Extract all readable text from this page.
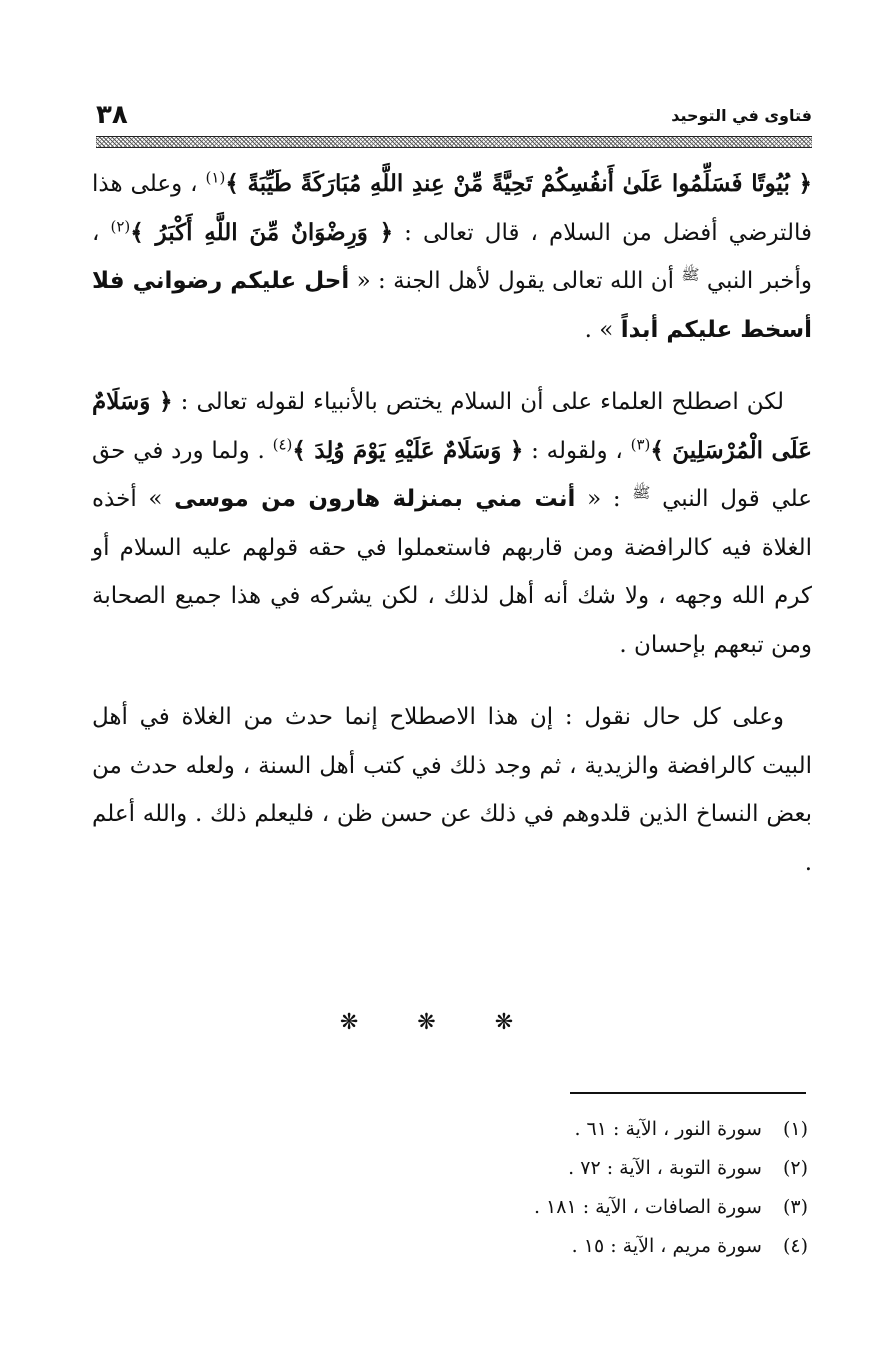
٣٨	فتاوى في التوحيد

﴿ بُيُوتًا فَسَلِّمُوا عَلَىٰ أَنفُسِكُمْ تَحِيَّةً مِّنْ عِندِ اللَّهِ مُبَارَكَةً طَيِّبَةً ﴾$^{(١)}$ ، وعلى هذا فالترضي أفضل من السلام ، قال تعالى : ﴿ وَرِضْوَانٌ مِّنَ اللَّهِ أَكْبَرُ ﴾$^{(٢)}$ ، وأخبر النبي $^ﷺ$ أن الله تعالى يقول لأهل الجنة : « أحل عليكم رضواني فلا أسخط عليكم أبداً » .

لكن اصطلح العلماء على أن السلام يختص بالأنبياء لقوله تعالى : ﴿ وَسَلَامٌ عَلَى الْمُرْسَلِينَ ﴾$^{(٣)}$ ، ولقوله : ﴿ وَسَلَامٌ عَلَيْهِ يَوْمَ وُلِدَ ﴾$^{(٤)}$ . ولما ورد في حق علي قول النبي $^ﷺ$ : « أنت مني بمنزلة هارون من موسى » أخذه الغلاة فيه كالرافضة ومن قاربهم فاستعملوا في حقه قولهم عليه السلام أو كرم الله وجهه ، ولا شك أنه أهل لذلك ، لكن يشركه في هذا جميع الصحابة ومن تبعهم بإحسان .

وعلى كل حال نقول : إن هذا الاصطلاح إنما حدث من الغلاة في أهل البيت كالرافضة والزيدية ، ثم وجد ذلك في كتب أهل السنة ، ولعله حدث من بعض النساخ الذين قلدوهم في ذلك عن حسن ظن ، فليعلم ذلك . والله أعلم .

❋ ❋ ❋
(١) سورة النور ، الآية : ٦١ .
(٢) سورة التوبة ، الآية : ٧٢ .
(٣) سورة الصافات ، الآية : ١٨١ .
(٤) سورة مريم ، الآية : ١٥ .
